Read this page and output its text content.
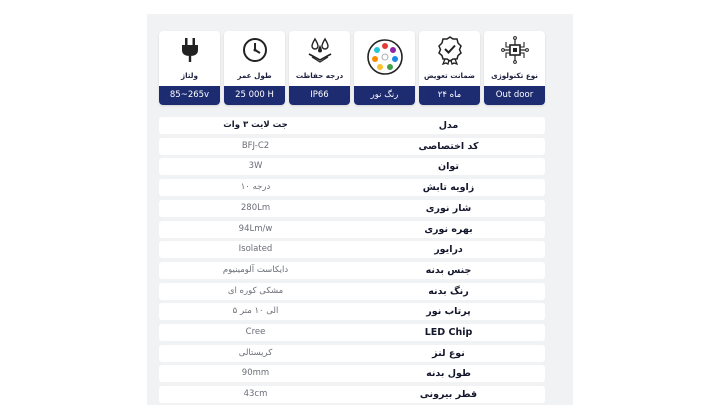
ولتاژ
85~265v
طول عمر
25 000 H
درجه حفاظت
IP66	رنگ نور
ضمانت تعویض
۲۴ ماه
نوع تکنولوژی
Out door
جت لایت ۳ وات	مدل
BFJ-C2	کد اختصاصی
3W	توان
۱۰ درجه	زاویه تابش
280Lm	شار نوری
94Lm/w	بهره نوری
Isolated	درایور
دایکاست آلومینیوم	جنس بدنه
مشکی کوره ای	رنگ بدنه
۵ الی ۱۰ متر	پرتاب نور
Cree	LED Chip
کریستالی	نوع لنز
90mm	طول بدنه
43cm	قطر بیرونی
